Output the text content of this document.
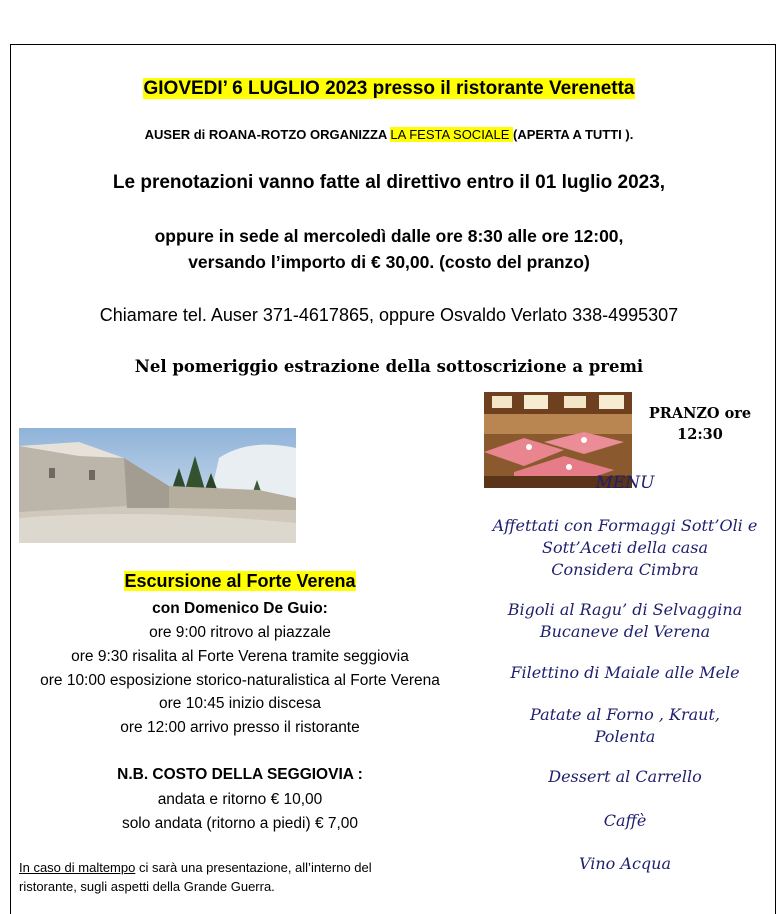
GIOVEDI’ 6 LUGLIO 2023 presso il ristorante Verenetta
AUSER di ROANA-ROTZO ORGANIZZA LA FESTA SOCIALE (APERTA A TUTTI ).
Le prenotazioni vanno fatte al direttivo entro il 01 luglio 2023,
oppure in sede al mercoledì dalle ore 8:30 alle ore 12:00,
versando l’importo di € 30,00. (costo del pranzo)
Chiamare tel. Auser 371-4617865, oppure Osvaldo Verlato 338-4995307
Nel pomeriggio estrazione della sottoscrizione a premi
PRANZO ore 12:30
MENU
Affettati con Formaggi Sott’Oli e
Sott’Aceti della casa
Considera Cimbra
Bigoli al Ragu’ di Selvaggina
Bucaneve del Verena
Filettino di Maiale alle Mele
Patate al Forno , Kraut,
Polenta
Dessert al Carrello
Caffè
Vino Acqua
Escursione al Forte Verena
con Domenico De Guio:
ore 9:00 ritrovo al piazzale
ore 9:30 risalita al Forte Verena tramite seggiovia
ore 10:00 esposizione storico-naturalistica al Forte Verena
ore 10:45 inizio discesa
ore 12:00 arrivo presso il ristorante
N.B. COSTO DELLA SEGGIOVIA :
andata e ritorno € 10,00
solo andata (ritorno a piedi) € 7,00
In caso di maltempo ci sarà una presentazione, all’interno del
ristorante, sugli aspetti della Grande Guerra.
